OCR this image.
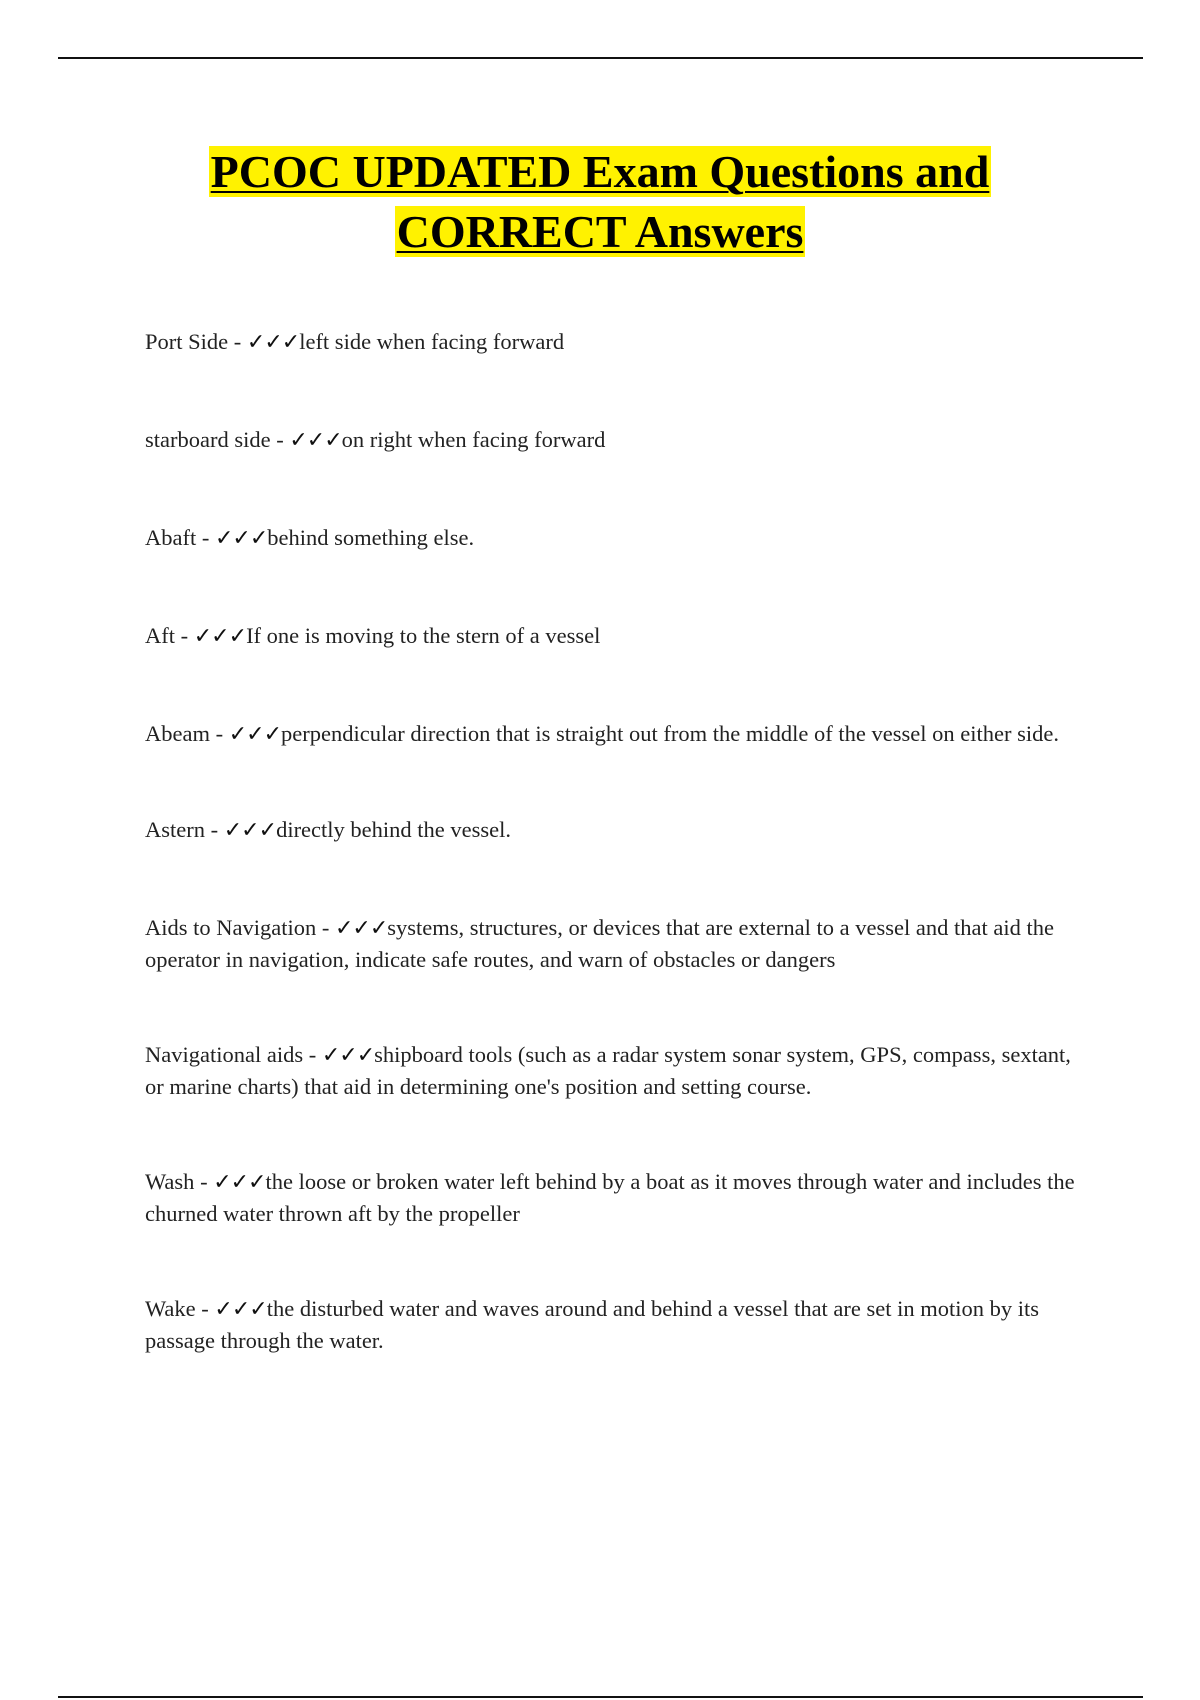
PCOC UPDATED Exam Questions and
CORRECT Answers
Port Side - ✓✓✓left side when facing forward
starboard side - ✓✓✓on right when facing forward
Abaft - ✓✓✓behind something else.
Aft - ✓✓✓If one is moving to the stern of a vessel
Abeam - ✓✓✓perpendicular direction that is straight out from the middle of the vessel on either side.
Astern - ✓✓✓directly behind the vessel.
Aids to Navigation - ✓✓✓systems, structures, or devices that are external to a vessel and that aid the operator in navigation, indicate safe routes, and warn of obstacles or dangers
Navigational aids - ✓✓✓shipboard tools (such as a radar system sonar system, GPS, compass, sextant, or marine charts) that aid in determining one's position and setting course.
Wash - ✓✓✓the loose or broken water left behind by a boat as it moves through water and includes the churned water thrown aft by the propeller
Wake - ✓✓✓the disturbed water and waves around and behind a vessel that are set in motion by its passage through the water.
